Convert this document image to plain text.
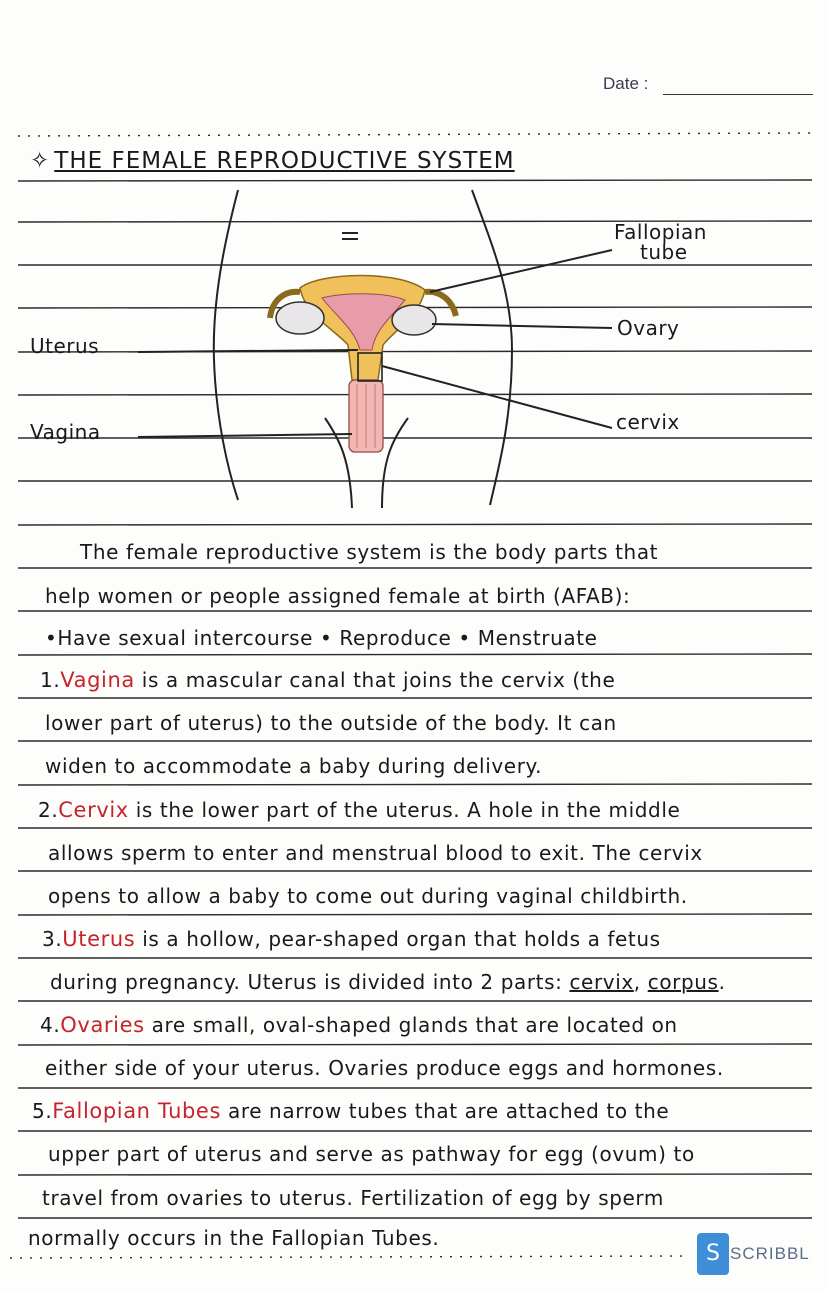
Date :
✧ THE FEMALE REPRODUCTIVE SYSTEM
Fallopian
tube
Ovary
Uterus
Vagina	cervix
The female reproductive system is the body parts that
help women or people assigned female at birth (AFAB):
•Have sexual intercourse • Reproduce • Menstruate
1.Vagina is a mascular canal that joins the cervix (the
lower part of uterus) to the outside of the body. It can
widen to accommodate a baby during delivery.
2.Cervix is the lower part of the uterus. A hole in the middle
allows sperm to enter and menstrual blood to exit. The cervix
opens to allow a baby to come out during vaginal childbirth.
3.Uterus is a hollow, pear-shaped organ that holds a fetus
during pregnancy. Uterus is divided into 2 parts: cervix, corpus.
4.Ovaries are small, oval-shaped glands that are located on
either side of your uterus. Ovaries produce eggs and hormones.
5.Fallopian Tubes are narrow tubes that are attached to the
upper part of uterus and serve as pathway for egg (ovum) to
travel from ovaries to uterus. Fertilization of egg by sperm
normally occurs in the Fallopian Tubes.
S SCRIBBL
